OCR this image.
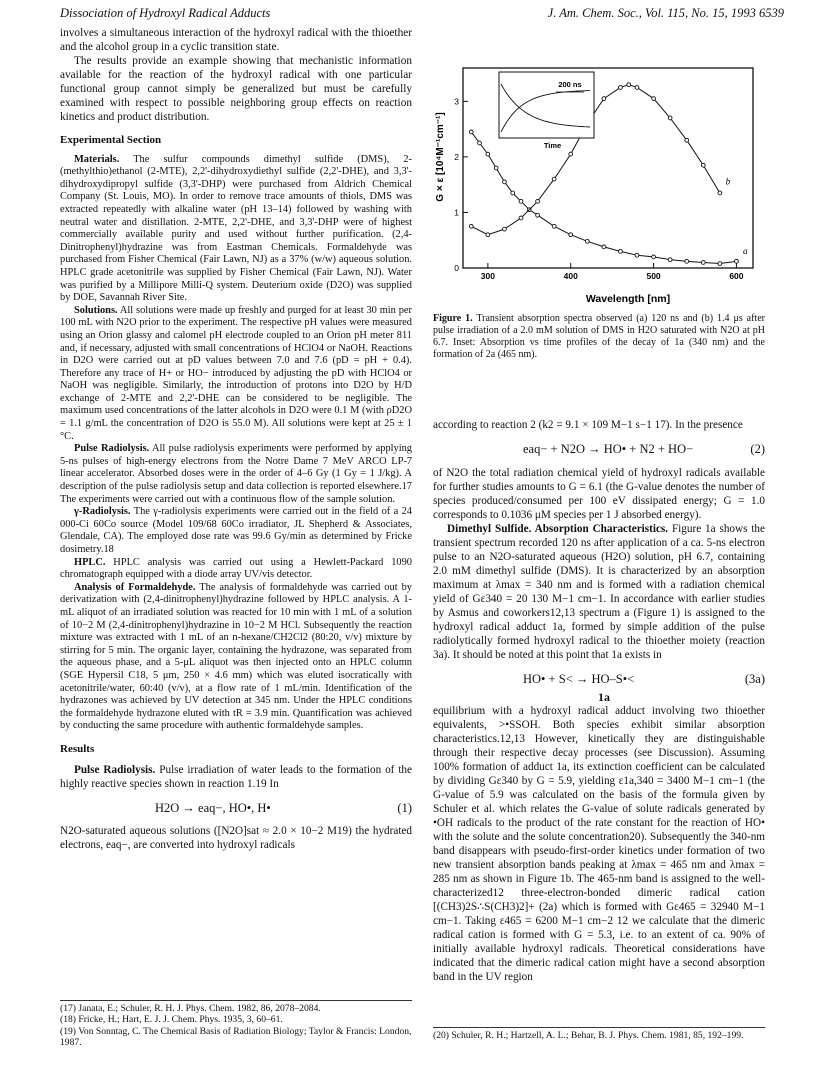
Dissociation of Hydroxyl Radical Adducts	J. Am. Chem. Soc., Vol. 115, No. 15, 1993 6539

involves a simultaneous interaction of the hydroxyl radical with the thioether and the alcohol group in a cyclic transition state.

The results provide an example showing that mechanistic information available for the reaction of the hydroxyl radical with one particular functional group cannot simply be generalized but must be carefully examined with respect to possible neighboring group effects on reaction kinetics and product distribution.

Experimental Section

Materials. The sulfur compounds dimethyl sulfide (DMS), 2-(methylthio)ethanol (2-MTE), 2,2'-dihydroxydiethyl sulfide (2,2'-DHE), and 3,3'-dihydroxydipropyl sulfide (3,3'-DHP) were purchased from Aldrich Chemical Company (St. Louis, MO). In order to remove trace amounts of thiols, DMS was extracted repeatedly with alkaline water (pH 13–14) followed by washing with neutral water and distillation. 2-MTE, 2,2'-DHE, and 3,3'-DHP were of highest commercially available purity and used without further purification. (2,4-Dinitrophenyl)hydrazine was from Eastman Chemicals. Formaldehyde was purchased from Fisher Chemical (Fair Lawn, NJ) as a 37% (w/w) aqueous solution. HPLC grade acetonitrile was supplied by Fisher Chemical (Fair Lawn, NJ). Water was purified by a Millipore Milli-Q system. Deuterium oxide (D2O) was supplied by DOE, Savannah River Site.

Solutions. All solutions were made up freshly and purged for at least 30 min per 100 mL with N2O prior to the experiment. The respective pH values were measured using an Orion glassy and calomel pH electrode coupled to an Orion pH meter 811 and, if necessary, adjusted with small concentrations of HClO4 or NaOH. Reactions in D2O were carried out at pD values between 7.0 and 7.6 (pD = pH + 0.4). Therefore any trace of H+ or HO− introduced by adjusting the pD with HClO4 or NaOH was negligible. Similarly, the introduction of protons into D2O by H/D exchange of 2-MTE and 2,2'-DHE can be considered to be negligible. The maximum used concentrations of the latter alcohols in D2O were 0.1 M (with ρD2O = 1.1 g/mL the concentration of D2O is 55.0 M). All solutions were kept at 25 ± 1 °C.

Pulse Radiolysis. All pulse radiolysis experiments were performed by applying 5-ns pulses of high-energy electrons from the Notre Dame 7 MeV ARCO LP-7 linear accelerator. Absorbed doses were in the order of 4–6 Gy (1 Gy = 1 J/kg). A description of the pulse radiolysis setup and data collection is reported elsewhere.17 The experiments were carried out with a continuous flow of the sample solution.

γ-Radiolysis. The γ-radiolysis experiments were carried out in the field of a 24 000-Ci 60Co source (Model 109/68 60Co irradiator, JL Shepherd & Associates, Glendale, CA). The employed dose rate was 99.6 Gy/min as determined by Fricke dosimetry.18

HPLC. HPLC analysis was carried out using a Hewlett-Packard 1090 chromatograph equipped with a diode array UV/vis detector.

Analysis of Formaldehyde. The analysis of formaldehyde was carried out by derivatization with (2,4-dinitrophenyl)hydrazine followed by HPLC analysis. A 1-mL aliquot of an irradiated solution was reacted for 10 min with 1 mL of a solution of 10−2 M (2,4-dinitrophenyl)hydrazine in 10−2 M HCl. Subsequently the reaction mixture was extracted with 1 mL of an n-hexane/CH2Cl2 (80:20, v/v) mixture by stirring for 5 min. The organic layer, containing the hydrazone, was separated from the aqueous phase, and a 5-μL aliquot was then injected onto an HPLC column (SGE Hypersil C18, 5 μm, 250 × 4.6 mm) which was eluted isocratically with acetonitrile/water, 60:40 (v/v), at a flow rate of 1 mL/min. Identification of the hydrazones was achieved by UV detection at 345 nm. Under the HPLC conditions the formaldehyde hydrazone eluted with tR = 3.9 min. Quantification was achieved by conducting the same procedure with authentic formaldehyde samples.

Results

Pulse Radiolysis. Pulse irradiation of water leads to the formation of the highly reactive species shown in reaction 1.19 In

H2O → eaq−, HO•, H•	(1)

N2O-saturated aqueous solutions ([N2O]sat ≈ 2.0 × 10−2 M19) the hydrated electrons, eaq−, are converted into hydroxyl radicals

(17) Janata, E.; Schuler, R. H. J. Phys. Chem. 1982, 86, 2078–2084.

(18) Fricke, H.; Hart, E. J. J. Chem. Phys. 1935, 3, 60–61.

(19) Von Sonntag, C. The Chemical Basis of Radiation Biology; Taylor & Francis: London, 1987.

G × ε [10⁴M⁻¹cm⁻¹]
Wavelength [nm]
300	400	500	600
0
1
2
3
a
b
200 ns
Time
Figure 1. Transient absorption spectra observed (a) 120 ns and (b) 1.4 μs after pulse irradiation of a 2.0 mM solution of DMS in H2O saturated with N2O at pH 6.7. Inset: Absorption vs time profiles of the decay of 1a (340 nm) and the formation of 2a (465 nm).

according to reaction 2 (k2 = 9.1 × 109 M−1 s−1 17). In the presence

eaq− + N2O → HO• + N2 + HO−	(2)

of N2O the total radiation chemical yield of hydroxyl radicals available for further studies amounts to G = 6.1 (the G-value denotes the number of species produced/consumed per 100 eV dissipated energy; G = 1.0 corresponds to 0.1036 μM species per 1 J absorbed energy).

Dimethyl Sulfide. Absorption Characteristics. Figure 1a shows the transient spectrum recorded 120 ns after application of a ca. 5-ns electron pulse to an N2O-saturated aqueous (H2O) solution, pH 6.7, containing 2.0 mM dimethyl sulfide (DMS). It is characterized by an absorption maximum at λmax = 340 nm and is formed with a radiation chemical yield of Gε340 = 20 130 M−1 cm−1. In accordance with earlier studies by Asmus and coworkers12,13 spectrum a (Figure 1) is assigned to the hydroxyl radical adduct 1a, formed by simple addition of the pulse radiolytically formed hydroxyl radical to the thioether moiety (reaction 3a). It should be noted at this point that 1a exists in

HO• + S< → HO–S•<	(3a)
1a

equilibrium with a hydroxyl radical adduct involving two thioether equivalents, >•SSOH. Both species exhibit similar absorption characteristics.12,13 However, kinetically they are distinguishable through their respective decay processes (see Discussion). Assuming 100% formation of adduct 1a, its extinction coefficient can be calculated by dividing Gε340 by G = 5.9, yielding ε1a,340 = 3400 M−1 cm−1 (the G-value of 5.9 was calculated on the basis of the formula given by Schuler et al. which relates the G-value of solute radicals generated by •OH radicals to the product of the rate constant for the reaction of HO• with the solute and the solute concentration20). Subsequently the 340-nm band disappears with pseudo-first-order kinetics under formation of two new transient absorption bands peaking at λmax = 465 nm and λmax = 285 nm as shown in Figure 1b. The 465-nm band is assigned to the well-characterized12 three-electron-bonded dimeric radical cation [(CH3)2S∴S(CH3)2]+ (2a) which is formed with Gε465 = 32940 M−1 cm−1. Taking ε465 = 6200 M−1 cm−2 12 we calculate that the dimeric radical cation is formed with G = 5.3, i.e. to an extent of ca. 90% of initially available hydroxyl radicals. Theoretical considerations have indicated that the dimeric radical cation might have a second absorption band in the UV region

(20) Schuler, R. H.; Hartzell, A. L.; Behar, B. J. Phys. Chem. 1981, 85, 192–199.
